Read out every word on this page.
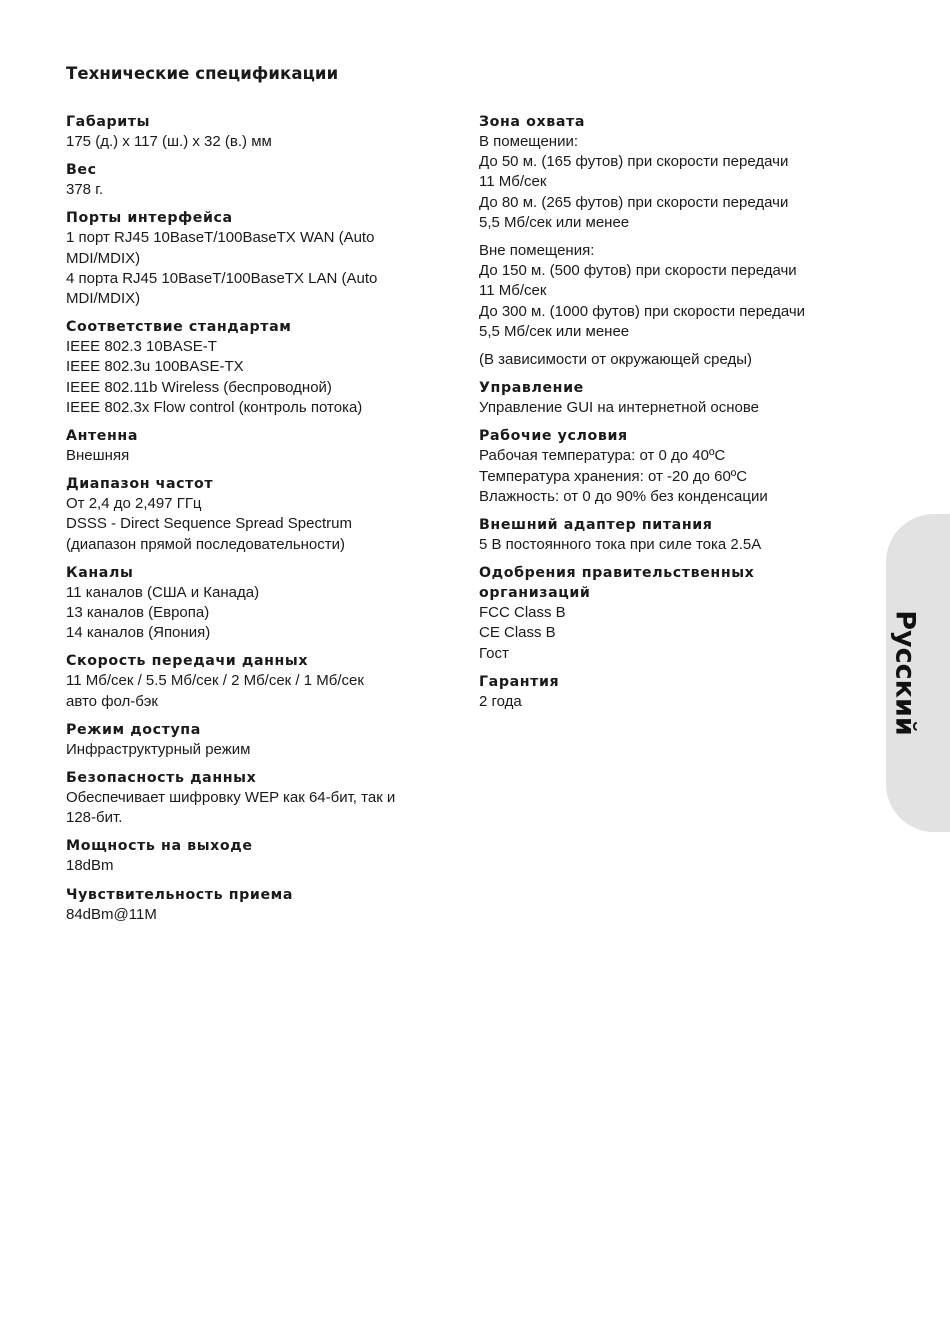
Технические спецификации
Габариты
175 (д.) x 117 (ш.) x 32 (в.) мм
Вес
378 г.
Порты интерфейса
1 порт RJ45 10BaseT/100BaseTX WAN (Auto
MDI/MDIX)
4 порта RJ45 10BaseT/100BaseTX LAN (Auto
MDI/MDIX)
Соответствие стандартам
IEEE 802.3 10BASE-T
IEEE 802.3u 100BASE-TX
IEEE 802.11b Wireless (беспроводной)
IEEE 802.3x Flow control (контроль потока)
Антенна
Внешняя
Диапазон частот
От 2,4 до 2,497 ГГц
DSSS - Direct Sequence Spread Spectrum
(диапазон прямой последовательности)
Каналы
11 каналов (США и Канада)
13 каналов (Европа)
14 каналов (Япония)
Скорость передачи данных
11 Мб/сек / 5.5 Мб/сек / 2 Мб/сек / 1 Мб/сек
авто фол-бэк
Режим доступа
Инфраструктурный режим
Безопасность данных
Обеспечивает шифровку WEP как 64-бит, так и
128-бит.
Мощность на выходе
18dBm
Чувствительность приема
84dBm@11M
Зона охвата
В помещении:
До 50 м. (165 футов) при скорости передачи
11 Мб/сек
До 80 м. (265 футов) при скорости передачи
5,5 Мб/сек или менее
Вне помещения:
До 150 м. (500 футов) при скорости передачи
11 Мб/сек
До 300 м. (1000 футов) при скорости передачи
5,5 Мб/сек или менее
(В зависимости от окружающей среды)
Управление
Управление GUI на интернетной основе
Рабочие условия
Рабочая температура: от 0 до 40ºC
Температура хранения: от -20 до 60ºC
Влажность: от 0 до 90% без конденсации
Внешний адаптер питания
5 В постоянного тока при силе тока 2.5A
Одобрения правительственных
организаций
FCC Class B
CE Class B
Гост
Гарантия
2 года	Русский
